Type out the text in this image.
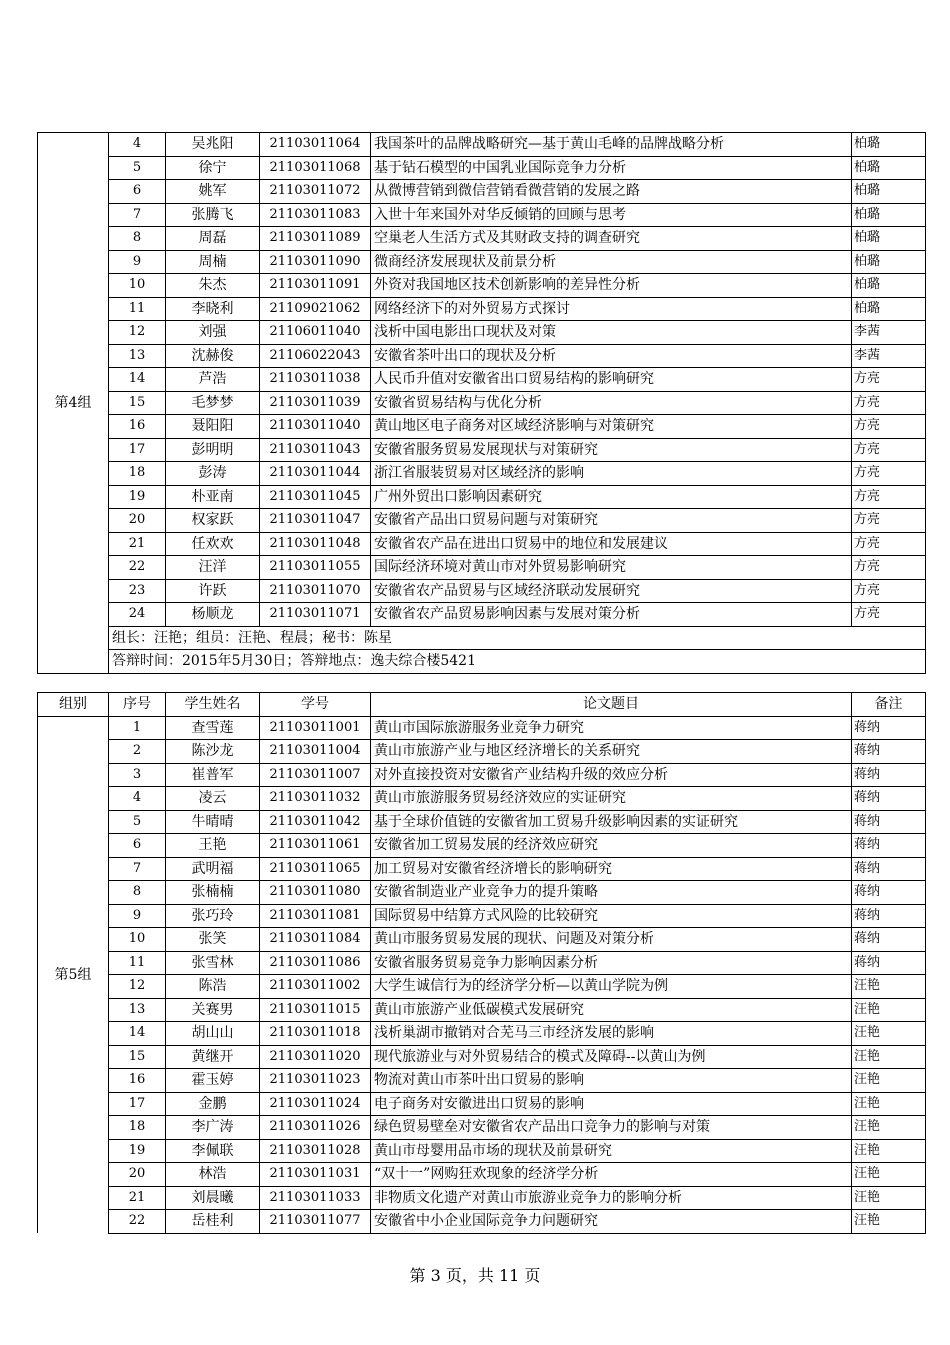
第4组	4	吴兆阳	21103011064	我国茶叶的品牌战略研究—基于黄山毛峰的品牌战略分析	柏璐
	5	徐宁	21103011068	基于钻石模型的中国乳业国际竞争力分析	柏璐
	6	姚军	21103011072	从微博营销到微信营销看微营销的发展之路	柏璐
	7	张腾飞	21103011083	入世十年来国外对华反倾销的回顾与思考	柏璐
	8	周磊	21103011089	空巢老人生活方式及其财政支持的调查研究	柏璐
	9	周楠	21103011090	微商经济发展现状及前景分析	柏璐
	10	朱杰	21103011091	外资对我国地区技术创新影响的差异性分析	柏璐
	11	李晓利	21109021062	网络经济下的对外贸易方式探讨	柏璐
	12	刘强	21106011040	浅析中国电影出口现状及对策	李茜
	13	沈赫俊	21106022043	安徽省茶叶出口的现状及分析	李茜
	14	芦浩	21103011038	人民币升值对安徽省出口贸易结构的影响研究	方亮
	15	毛梦梦	21103011039	安徽省贸易结构与优化分析	方亮
	16	聂阳阳	21103011040	黄山地区电子商务对区域经济影响与对策研究	方亮
	17	彭明明	21103011043	安徽省服务贸易发展现状与对策研究	方亮
	18	彭涛	21103011044	浙江省服装贸易对区域经济的影响	方亮
	19	朴亚南	21103011045	广州外贸出口影响因素研究	方亮
	20	权家跃	21103011047	安徽省产品出口贸易问题与对策研究	方亮
	21	任欢欢	21103011048	安徽省农产品在进出口贸易中的地位和发展建议	方亮
	22	汪洋	21103011055	国际经济环境对黄山市对外贸易影响研究	方亮
	23	许跃	21103011070	安徽省农产品贸易与区域经济联动发展研究	方亮
	24	杨顺龙	21103011071	安徽省农产品贸易影响因素与发展对策分析	方亮
	组长：汪艳；组员：汪艳、程晨；秘书：陈星				
	答辩时间：2015年5月30日；答辩地点：逸夫综合楼5421				
组别	序号	学生姓名	学号	论文题目	备注
第5组	1	查雪莲	21103011001	黄山市国际旅游服务业竞争力研究	蒋纳
	2	陈沙龙	21103011004	黄山市旅游产业与地区经济增长的关系研究	蒋纳
	3	崔普军	21103011007	对外直接投资对安徽省产业结构升级的效应分析	蒋纳
	4	凌云	21103011032	黄山市旅游服务贸易经济效应的实证研究	蒋纳
	5	牛晴晴	21103011042	基于全球价值链的安徽省加工贸易升级影响因素的实证研究	蒋纳
	6	王艳	21103011061	安徽省加工贸易发展的经济效应研究	蒋纳
	7	武明福	21103011065	加工贸易对安徽省经济增长的影响研究	蒋纳
	8	张楠楠	21103011080	安徽省制造业产业竞争力的提升策略	蒋纳
	9	张巧玲	21103011081	国际贸易中结算方式风险的比较研究	蒋纳
	10	张笑	21103011084	黄山市服务贸易发展的现状、问题及对策分析	蒋纳
	11	张雪林	21103011086	安徽省服务贸易竞争力影响因素分析	蒋纳
	12	陈浩	21103011002	大学生诚信行为的经济学分析—以黄山学院为例	汪艳
	13	关赛男	21103011015	黄山市旅游产业低碳模式发展研究	汪艳
	14	胡山山	21103011018	浅析巢湖市撤销对合芜马三市经济发展的影响	汪艳
	15	黄继开	21103011020	现代旅游业与对外贸易结合的模式及障碍--以黄山为例	汪艳
	16	霍玉婷	21103011023	物流对黄山市茶叶出口贸易的影响	汪艳
	17	金鹏	21103011024	电子商务对安徽进出口贸易的影响	汪艳
	18	李广涛	21103011026	绿色贸易壁垒对安徽省农产品出口竞争力的影响与对策	汪艳
	19	李佩联	21103011028	黄山市母婴用品市场的现状及前景研究	汪艳
	20	林浩	21103011031	“双十一”网购狂欢现象的经济学分析	汪艳
	21	刘晨曦	21103011033	非物质文化遗产对黄山市旅游业竞争力的影响分析	汪艳
	22	岳桂利	21103011077	安徽省中小企业国际竞争力问题研究	汪艳
第 3 页，共 11 页
